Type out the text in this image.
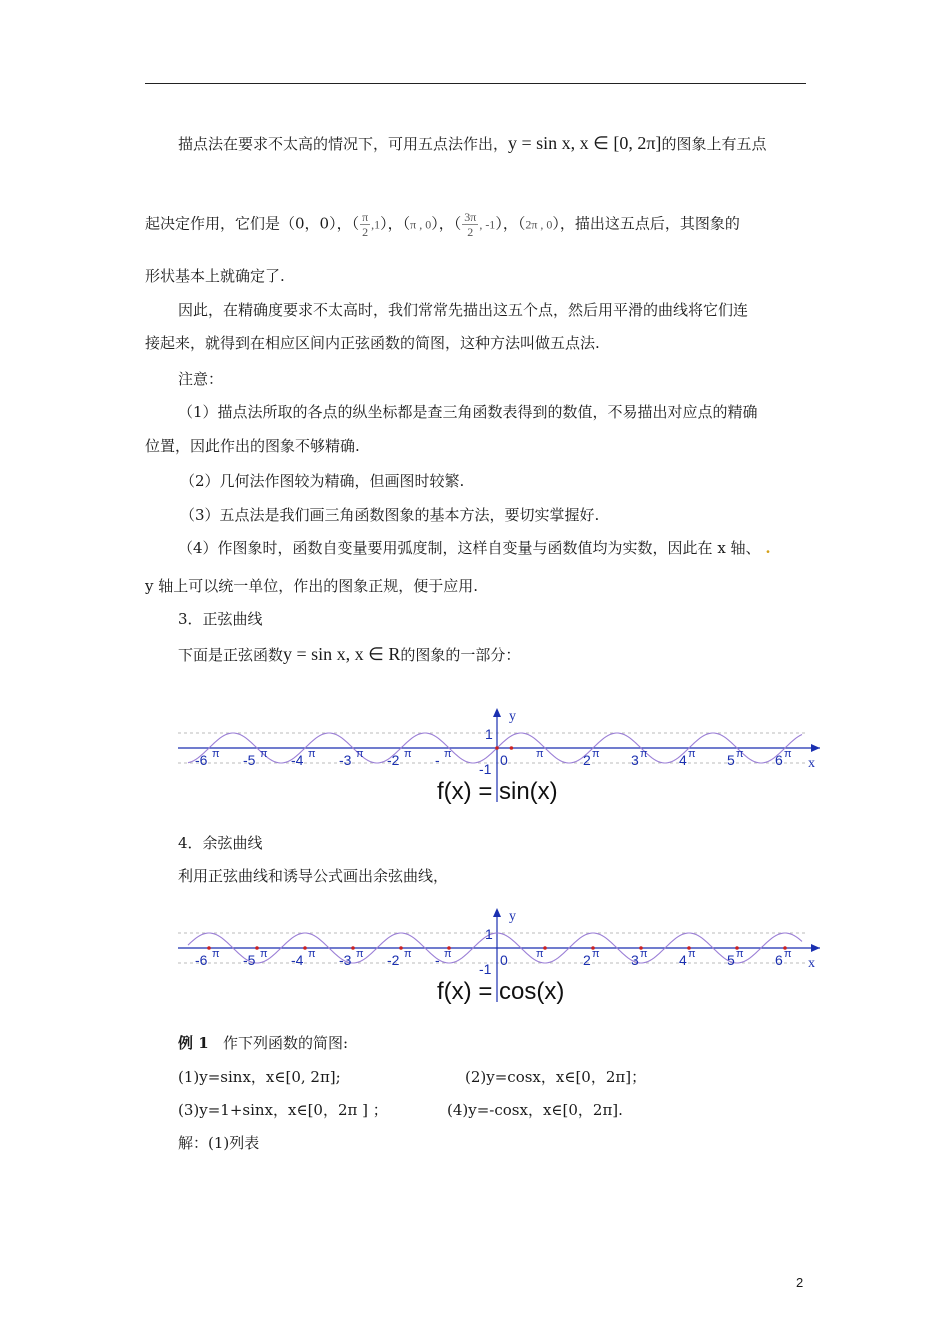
描点法在要求不太高的情况下，可用五点法作出，y = sin x, x ∈ [0, 2π]的图象上有五点
起决定作用，它们是（0，0），（ $\frac{\pi}{2} ,1$），（π , 0），（ $\frac{3\pi}{2}$ , -1），（2π , 0），描出这五点后，其图象的
形状基本上就确定了.
因此，在精确度要求不太高时，我们常常先描出这五个点，然后用平滑的曲线将它们连
接起来，就得到在相应区间内正弦函数的简图，这种方法叫做五点法.
注意：
（1）描点法所取的各点的纵坐标都是查三角函数表得到的数值，不易描出对应点的精确
位置，因此作出的图象不够精确.
（2）几何法作图较为精确，但画图时较繁.
（3）五点法是我们画三角函数图象的基本方法，要切实掌握好.
（4）作图象时，函数自变量要用弧度制，这样自变量与函数值均为实数，因此在 x 轴、 .
y 轴上可以统一单位，作出的图象正规，便于应用.
3．正弦曲线
下面是正弦函数y = sin x, x ∈ R的图象的一部分：
-6 π -5 π -4 π -3 π -2 π - π	π	2 π 3 π 4 π 5 π 6 π
0
1
-1
y
x
f(x) = sin(x)
4．余弦曲线
利用正弦曲线和诱导公式画出余弦曲线，
-6 π -5 π -4 π -3 π -2 π - π	π	2 π 3 π 4 π 5 π 6 π
0
1
-1
y
x
f(x) = cos(x)
例 1 作下列函数的简图:
(1)y=sinx，x∈[0, 2π];	(2)y=cosx，x∈[0，2π]；
(3)y=1+sinx，x∈[0，2π ] ；	(4)y=-cosx，x∈[0，2π].
解：(1)列表
2
